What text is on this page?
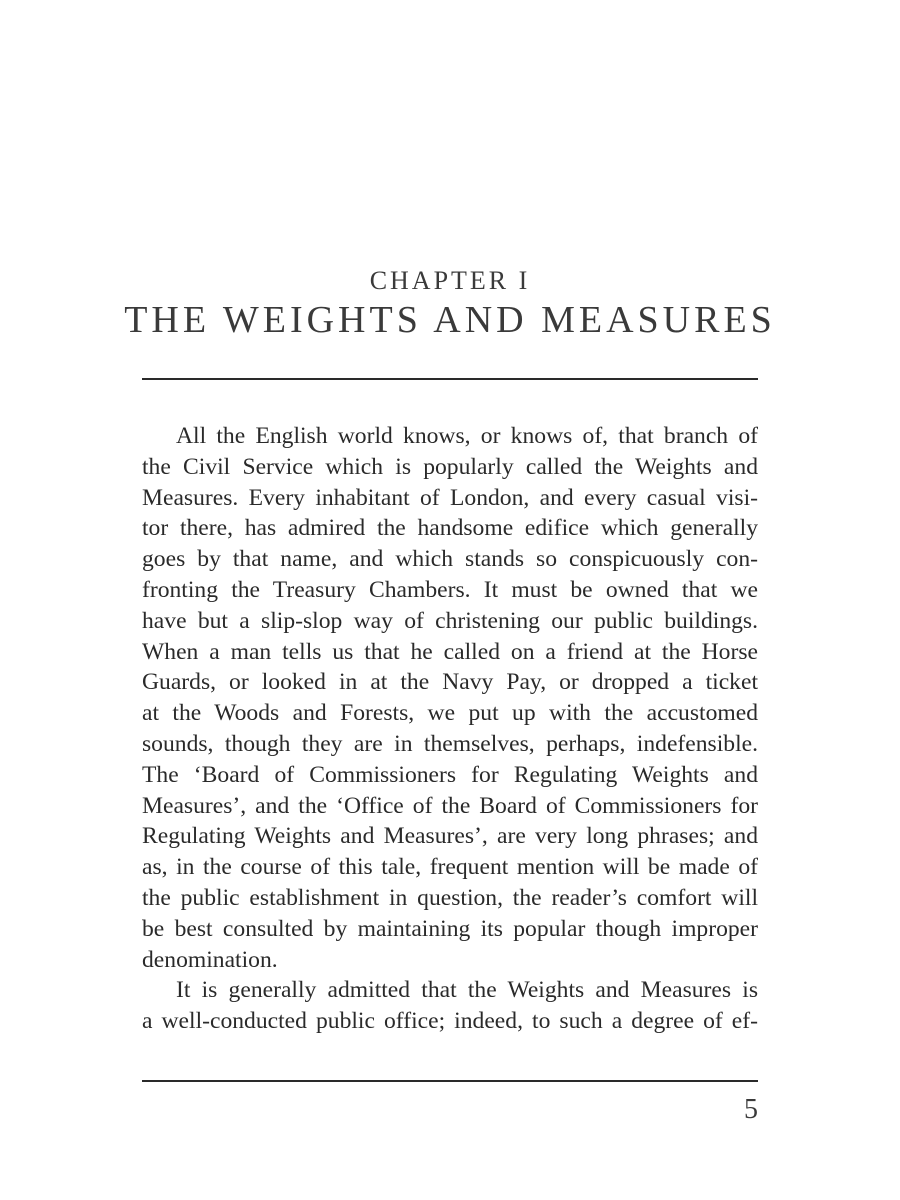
CHAPTER I
THE WEIGHTS AND MEASURES
All the English world knows, or knows of, that branch of
the Civil Service which is popularly called the Weights and
Measures. Every inhabitant of London, and every casual visi-
tor there, has admired the handsome edifice which generally
goes by that name, and which stands so conspicuously con-
fronting the Treasury Chambers. It must be owned that we
have but a slip-slop way of christening our public buildings.
When a man tells us that he called on a friend at the Horse
Guards, or looked in at the Navy Pay, or dropped a ticket
at the Woods and Forests, we put up with the accustomed
sounds, though they are in themselves, perhaps, indefensible.
The ‘Board of Commissioners for Regulating Weights and
Measures’, and the ‘Office of the Board of Commissioners for
Regulating Weights and Measures’, are very long phrases; and
as, in the course of this tale, frequent mention will be made of
the public establishment in question, the reader’s comfort will
be best consulted by maintaining its popular though improper
denomination.
It is generally admitted that the Weights and Measures is
a well-conducted public office; indeed, to such a degree of ef-
5
